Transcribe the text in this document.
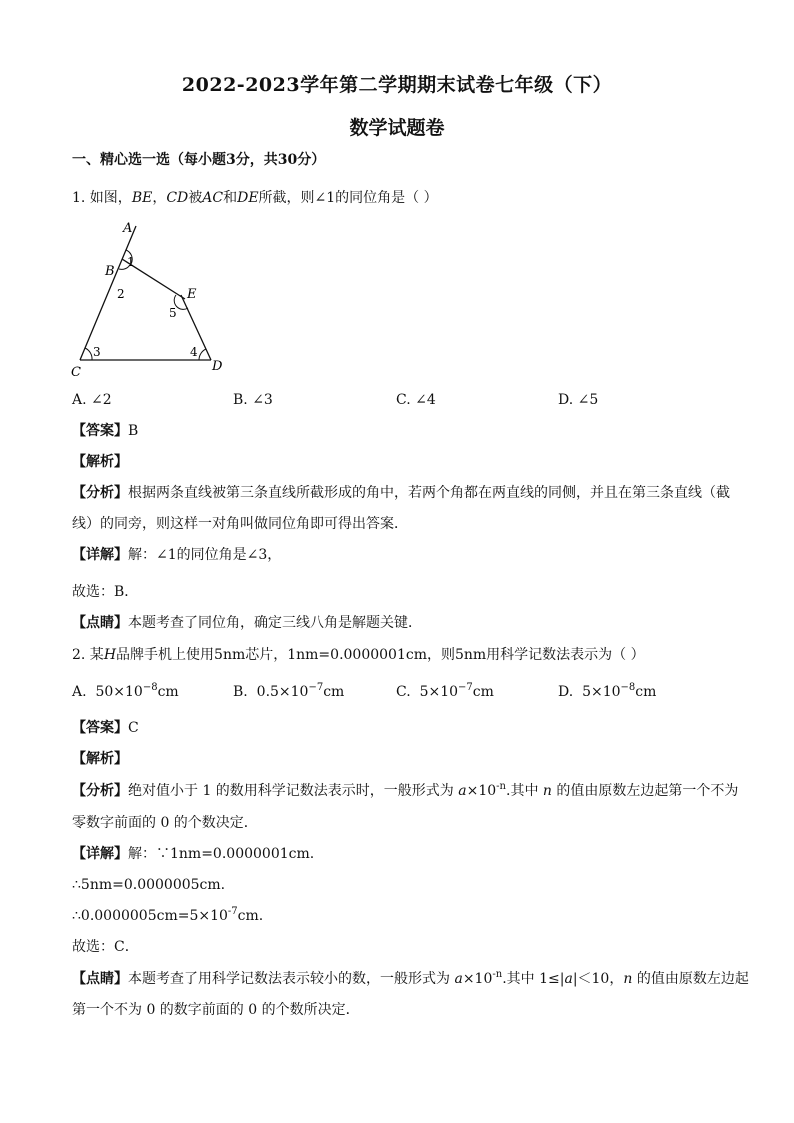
2022-2023学年第二学期期末试卷七年级（下）
数学试题卷
一、精心选一选（每小题3分，共30分）
1. 如图，BE，CD被AC和DE所截，则∠1的同位角是（ ）
A
B
1
2	E
5
3	4
C	D
A. ∠2	B. ∠3	C. ∠4	D. ∠5
【答案】B
【解析】
【分析】根据两条直线被第三条直线所截形成的角中，若两个角都在两直线的同侧，并且在第三条直线（截
线）的同旁，则这样一对角叫做同位角即可得出答案．
【详解】解：∠1的同位角是∠3，
故选：B．
【点睛】本题考查了同位角，确定三线八角是解题关键．
2. 某H品牌手机上使用5nm芯片，1nm=0.0000001cm，则5nm用科学记数法表示为（ ）
A. $50\times 10^{-8}cm$	B. $0.5\times 10^{-7}cm$	C. $5\times 10^{-7}cm$	D. $5\times 10^{-8}cm$
【答案】C
【解析】
【分析】绝对值小于 1 的数用科学记数法表示时，一般形式为 $a\times 10^{-n}$.其中 n 的值由原数左边起第一个不为
零数字前面的 0 的个数决定．
【详解】解：∵1nm=0.0000001cm.
∴5nm=0.0000005cm.
$\therefore 0.0000005cm=5\times 10^{-7}cm$.
故选：C．
【点睛】本题考查了用科学记数法表示较小的数，一般形式为 $a\times 10^{-n}$.其中 1≤|a|＜10，n 的值由原数左边起
第一个不为 0 的数字前面的 0 的个数所决定．
